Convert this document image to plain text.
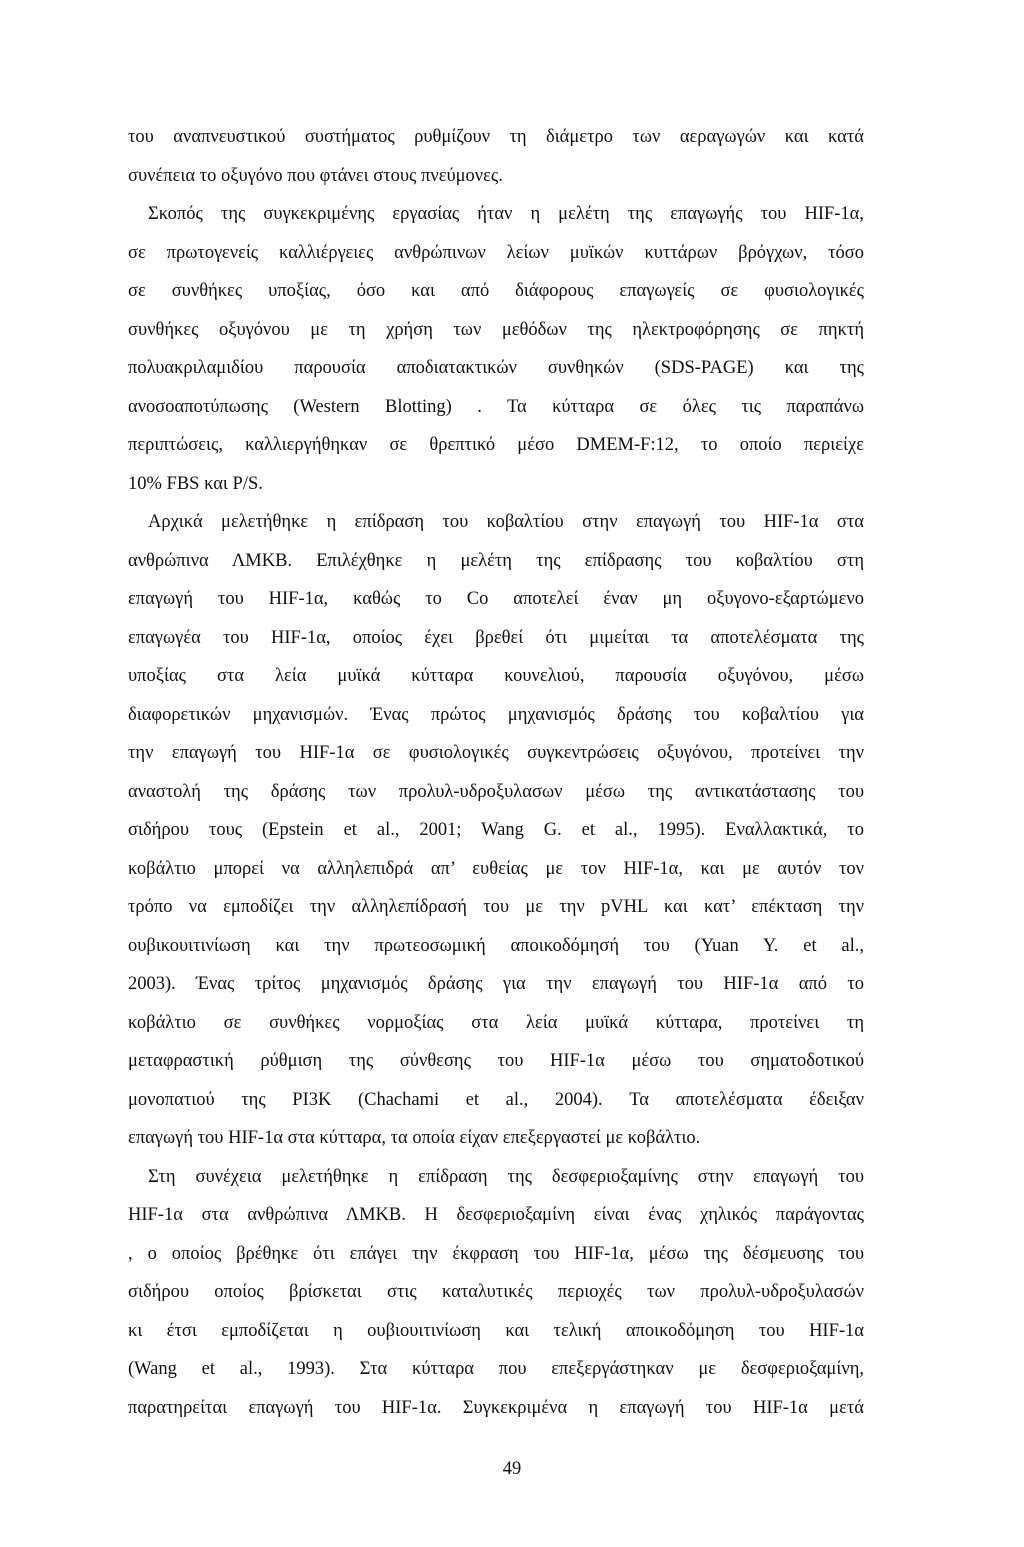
του αναπνευστικού συστήματος ρυθμίζουν τη διάμετρο των αεραγωγών και κατά
συνέπεια το οξυγόνο που φτάνει στους πνεύμονες.
Σκοπός της συγκεκριμένης εργασίας ήταν η μελέτη της επαγωγής του HIF-1α,
σε πρωτογενείς καλλιέργειες ανθρώπινων λείων μυϊκών κυττάρων βρόγχων, τόσο
σε συνθήκες υποξίας, όσο και από διάφορους επαγωγείς σε φυσιολογικές
συνθήκες οξυγόνου με τη χρήση των μεθόδων της ηλεκτροφόρησης σε πηκτή
πολυακριλαμιδίου παρουσία αποδιατακτικών συνθηκών (SDS-PAGE) και της
ανοσοαποτύπωσης (Western Blotting) . Τα κύτταρα σε όλες τις παραπάνω
περιπτώσεις, καλλιεργήθηκαν σε θρεπτικό μέσο DMEM-F:12, το οποίο περιείχε
10% FBS και P/S.
Αρχικά μελετήθηκε η επίδραση του κοβαλτίου στην επαγωγή του HIF-1α στα
ανθρώπινα ΛΜΚΒ. Επιλέχθηκε η μελέτη της επίδρασης του κοβαλτίου στη
επαγωγή του HIF-1α, καθώς το Co αποτελεί έναν μη οξυγονο-εξαρτώμενο
επαγωγέα του HIF-1α, οποίος έχει βρεθεί ότι μιμείται τα αποτελέσματα της
υποξίας στα λεία μυϊκά κύτταρα κουνελιού, παρουσία οξυγόνου, μέσω
διαφορετικών μηχανισμών. Ένας πρώτος μηχανισμός δράσης του κοβαλτίου για
την επαγωγή του HIF-1α σε φυσιολογικές συγκεντρώσεις οξυγόνου, προτείνει την
αναστολή της δράσης των προλυλ-υδροξυλασων μέσω της αντικατάστασης του
σιδήρου τους (Epstein et al., 2001; Wang G. et al., 1995). Εναλλακτικά, το
κοβάλτιο μπορεί να αλληλεπιδρά απ’ ευθείας με τον HIF-1α, και με αυτόν τον
τρόπο να εμποδίζει την αλληλεπίδρασή του με την pVHL και κατ’ επέκταση την
ουβικουιτινίωση και την πρωτεοσωμική αποικοδόμησή του (Yuan Y. et al.,
2003). Ένας τρίτος μηχανισμός δράσης για την επαγωγή του HIF-1α από το
κοβάλτιο σε συνθήκες νορμοξίας στα λεία μυϊκά κύτταρα, προτείνει τη
μεταφραστική ρύθμιση της σύνθεσης του HIF-1α μέσω του σηματοδοτικού
μονοπατιού της PI3K (Chachami et al., 2004). Τα αποτελέσματα έδειξαν
επαγωγή του HIF-1α στα κύτταρα, τα οποία είχαν επεξεργαστεί με κοβάλτιο.
Στη συνέχεια μελετήθηκε η επίδραση της δεσφεριοξαμίνης στην επαγωγή του
HIF-1α στα ανθρώπινα ΛΜΚΒ. Η δεσφεριοξαμίνη είναι ένας χηλικός παράγοντας
, ο οποίος βρέθηκε ότι επάγει την έκφραση του HIF-1α, μέσω της δέσμευσης του
σιδήρου οποίος βρίσκεται στις καταλυτικές περιοχές των προλυλ-υδροξυλασών
κι έτσι εμποδίζεται η ουβιουιτινίωση και τελική αποικοδόμηση του HIF-1α
(Wang et al., 1993). Στα κύτταρα που επεξεργάστηκαν με δεσφεριοξαμίνη,
παρατηρείται επαγωγή του HIF-1α. Συγκεκριμένα η επαγωγή του HIF-1α μετά
49
